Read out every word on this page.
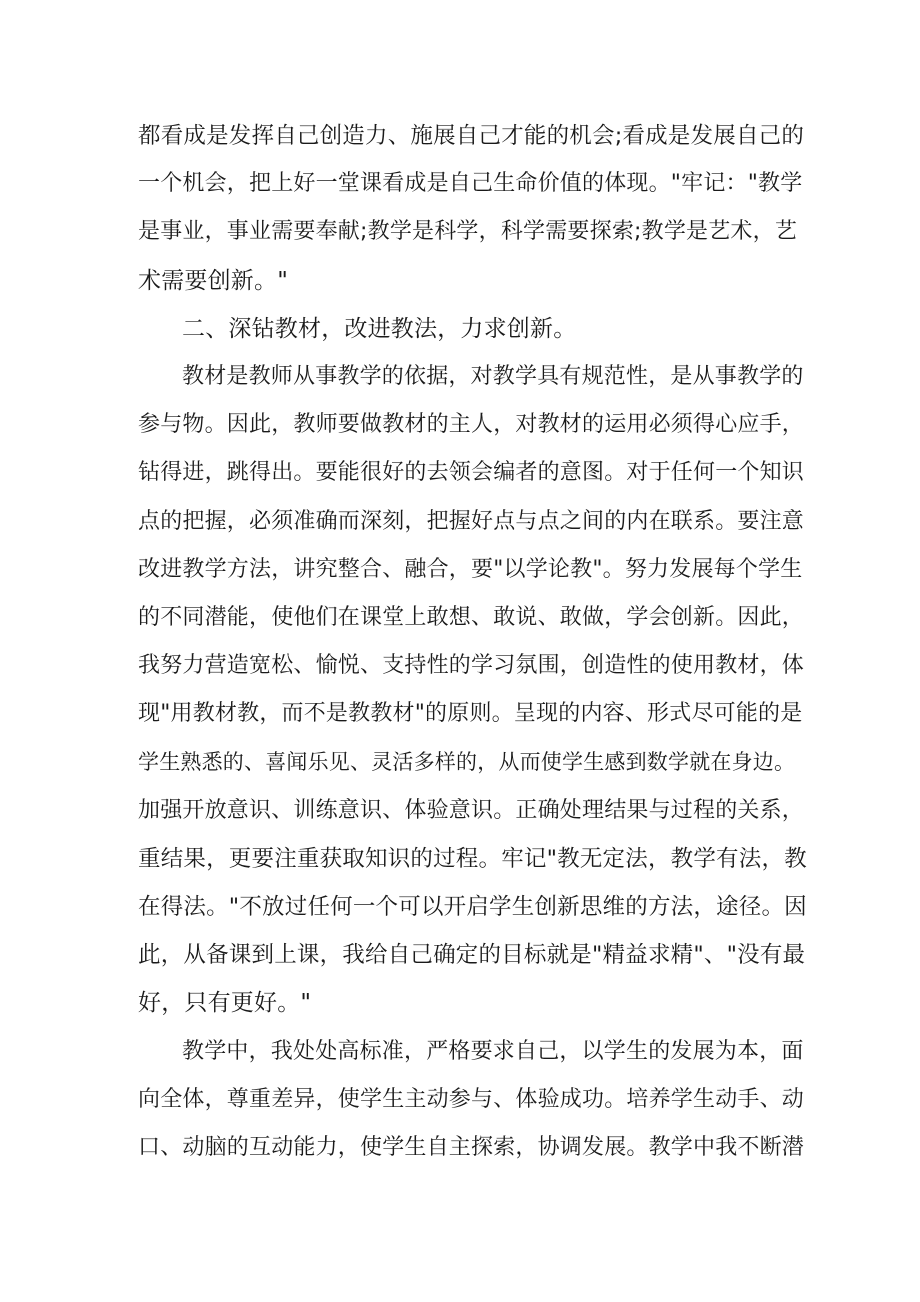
都看成是发挥自己创造力、施展自己才能的机会;看成是发展自己的
一个机会，把上好一堂课看成是自己生命价值的体现。"牢记："教学
是事业，事业需要奉献;教学是科学，科学需要探索;教学是艺术，艺
术需要创新。"
二、深钻教材，改进教法，力求创新。
教材是教师从事教学的依据，对教学具有规范性，是从事教学的
参与物。因此，教师要做教材的主人，对教材的运用必须得心应手，
钻得进，跳得出。要能很好的去领会编者的意图。对于任何一个知识
点的把握，必须准确而深刻，把握好点与点之间的内在联系。要注意
改进教学方法，讲究整合、融合，要"以学论教"。努力发展每个学生
的不同潜能，使他们在课堂上敢想、敢说、敢做，学会创新。因此，
我努力营造宽松、愉悦、支持性的学习氛围，创造性的使用教材，体
现"用教材教，而不是教教材"的原则。呈现的内容、形式尽可能的是
学生熟悉的、喜闻乐见、灵活多样的，从而使学生感到数学就在身边。
加强开放意识、训练意识、体验意识。正确处理结果与过程的关系，
重结果，更要注重获取知识的过程。牢记"教无定法，教学有法，教
在得法。"不放过任何一个可以开启学生创新思维的方法，途径。因
此，从备课到上课，我给自己确定的目标就是"精益求精"、"没有最
好，只有更好。"
教学中，我处处高标准，严格要求自己，以学生的发展为本，面
向全体，尊重差异，使学生主动参与、体验成功。培养学生动手、动
口、动脑的互动能力，使学生自主探索，协调发展。教学中我不断潜
